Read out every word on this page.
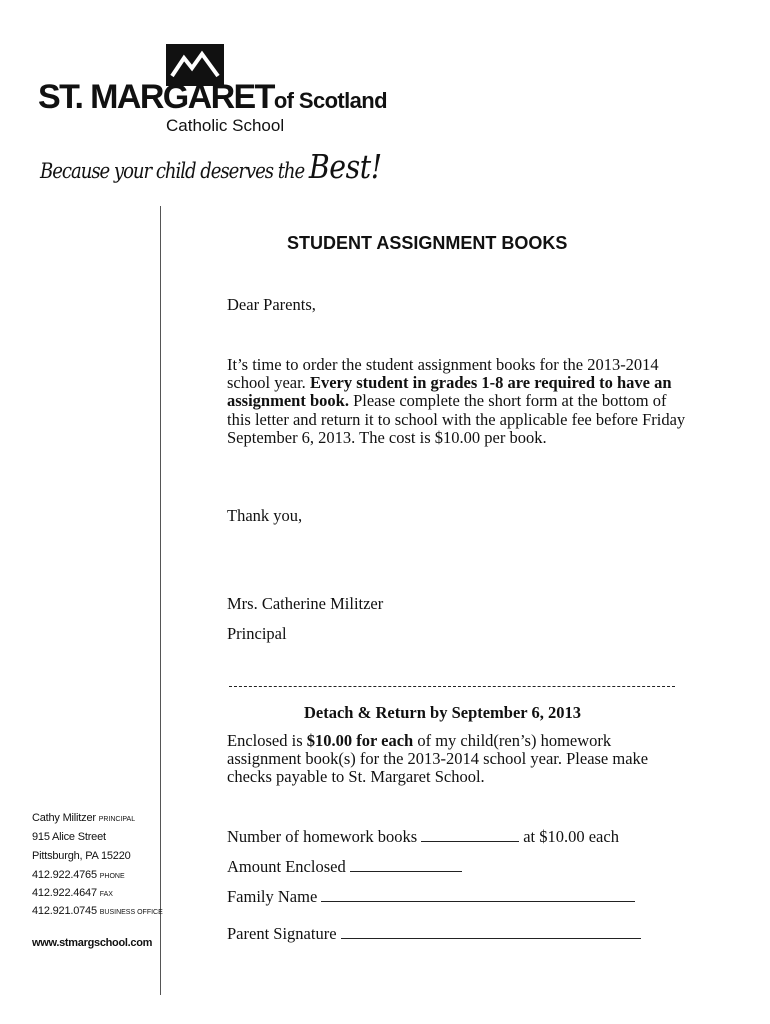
ST. MARGARETof Scotland
Catholic School
Because your child deserves the Best!
Cathy Militzer PRINCIPAL
915 Alice Street
Pittsburgh, PA 15220
412.922.4765 PHONE
412.922.4647 FAX
412.921.0745 BUSINESS OFFICE
www.stmargschool.com
STUDENT ASSIGNMENT BOOKS
Dear Parents,
It’s time to order the student assignment books for the 2013-2014 school year. Every student in grades 1-8 are required to have an assignment book. Please complete the short form at the bottom of this letter and return it to school with the applicable fee before Friday September 6, 2013. The cost is $10.00 per book.
Thank you,
Mrs. Catherine Militzer
Principal
Detach & Return by September 6, 2013
Enclosed is $10.00 for each of my child(ren’s) homework assignment book(s) for the 2013-2014 school year. Please make checks payable to St. Margaret School.
Number of homework books	at $10.00 each
Amount Enclosed
Family Name
Parent Signature
